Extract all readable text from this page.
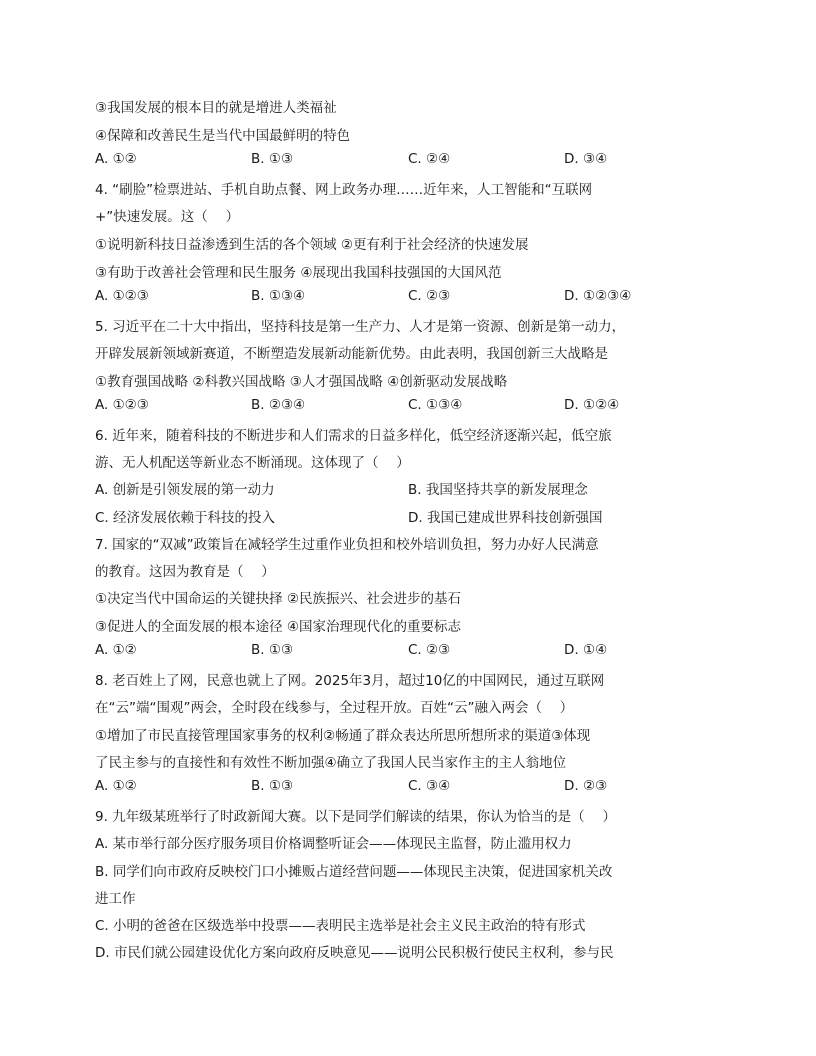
③我国发展的根本目的就是增进人类福祉
④保障和改善民生是当代中国最鲜明的特色
A. ①②	B. ①③	C. ②④	D. ③④
4. “刷脸”检票进站、手机自助点餐、网上政务办理……近年来，人工智能和“互联网
+”快速发展。这（　 ）
①说明新科技日益渗透到生活的各个领域 ②更有利于社会经济的快速发展
③有助于改善社会管理和民生服务 ④展现出我国科技强国的大国风范
A. ①②③	B. ①③④	C. ②③	D. ①②③④
5. 习近平在二十大中指出，坚持科技是第一生产力、人才是第一资源、创新是第一动力，
开辟发展新领域新赛道，不断塑造发展新动能新优势。由此表明，我国创新三大战略是
①教育强国战略 ②科教兴国战略 ③人才强国战略 ④创新驱动发展战略
A. ①②③	B. ②③④	C. ①③④	D. ①②④
6. 近年来，随着科技的不断进步和人们需求的日益多样化，低空经济逐渐兴起，低空旅
游、无人机配送等新业态不断涌现。这体现了（　 ）
A. 创新是引领发展的第一动力	B. 我国坚持共享的新发展理念
C. 经济发展依赖于科技的投入	D. 我国已建成世界科技创新强国
7. 国家的“双减”政策旨在减轻学生过重作业负担和校外培训负担，努力办好人民满意
的教育。这因为教育是（　 ）
①决定当代中国命运的关键抉择 ②民族振兴、社会进步的基石
③促进人的全面发展的根本途径 ④国家治理现代化的重要标志
A. ①②	B. ①③	C. ②③	D. ①④
8. 老百姓上了网，民意也就上了网。2025年3月，超过10亿的中国网民，通过互联网
在“云”端“围观”两会，全时段在线参与，全过程开放。百姓“云”融入两会（　 ）
①增加了市民直接管理国家事务的权利②畅通了群众表达所思所想所求的渠道③体现
了民主参与的直接性和有效性不断加强④确立了我国人民当家作主的主人翁地位
A. ①②	B. ①③	C. ③④	D. ②③
9. 九年级某班举行了时政新闻大赛。以下是同学们解读的结果，你认为恰当的是（　 ）
A. 某市举行部分医疗服务项目价格调整听证会——体现民主监督，防止滥用权力
B. 同学们向市政府反映校门口小摊贩占道经营问题——体现民主决策，促进国家机关改
进工作
C. 小明的爸爸在区级选举中投票——表明民主选举是社会主义民主政治的特有形式
D. 市民们就公园建设优化方案向政府反映意见——说明公民积极行使民主权利，参与民
